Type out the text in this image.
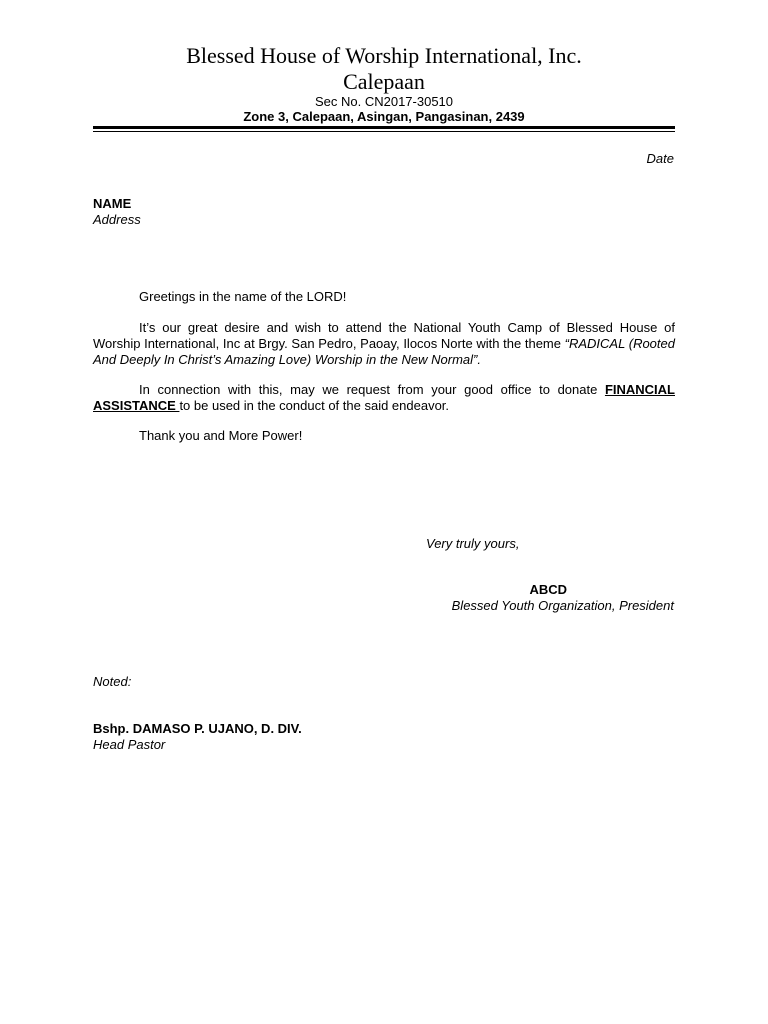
Blessed House of Worship International, Inc.
Calepaan
Sec No. CN2017-30510
Zone 3, Calepaan, Asingan, Pangasinan, 2439
Date
NAME
Address
Greetings in the name of the LORD!
It’s our great desire and wish to attend the National Youth Camp of Blessed House of Worship International, Inc at Brgy. San Pedro, Paoay, Ilocos Norte with the theme “RADICAL (Rooted And Deeply In Christ’s Amazing Love) Worship in the New Normal”.
In connection with this, may we request from your good office to donate FINANCIAL ASSISTANCE to be used in the conduct of the said endeavor.
Thank you and More Power!
Very truly yours,
ABCD
Blessed Youth Organization, President
Noted:
Bshp. DAMASO P. UJANO, D. DIV.
Head Pastor
